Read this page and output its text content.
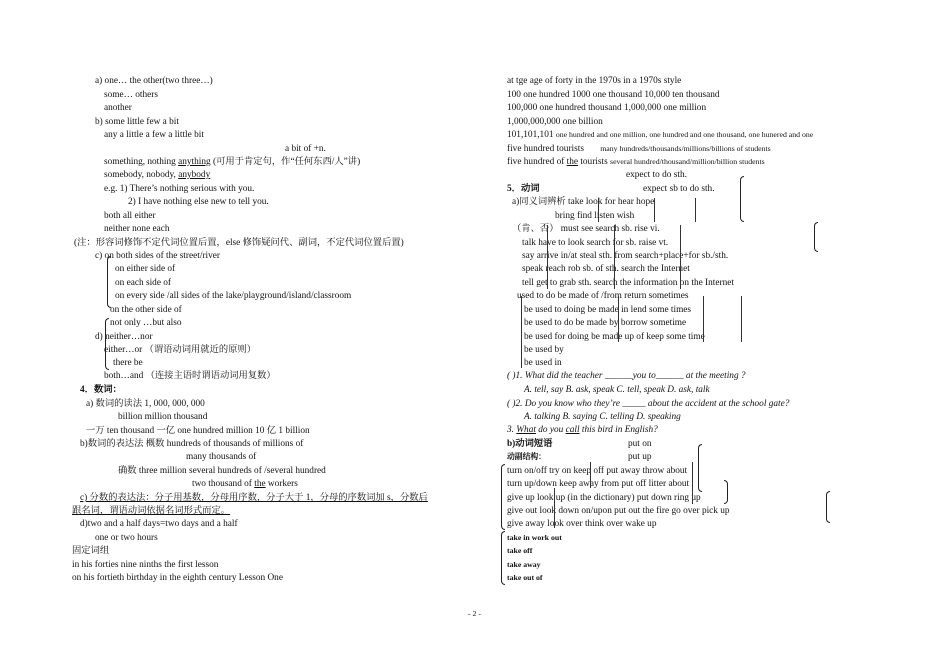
a) one… the other(two three…)
some… others
another
b) some little few a bit
any a little a few a little bit
a bit of +n.
something, nothing anything (可用于肯定句，作“任何东西/人”讲)
somebody, nobody, anybody
e.g. 1) There’s nothing serious with you.
2) I have nothing else new to tell you.
both all either
neither none each
(注：形容词修饰不定代词位置后置，else 修饰疑问代、副词，不定代词位置后置)
c) on both sides of the street/river
on either side of
on each side of
on every side /all sides of the lake/playground/island/classroom
on the other side of
not only …but also
d) neither…nor
either…or （谓语动词用就近的原则）
there be
both…and （连接主语时谓语动词用复数）
4．数词：
a) 数词的读法 1, 000, 000, 000
billion million thousand
一万 ten thousand 一亿 one hundred million 10 亿 1 billion
b)数词的表达法 概数 hundreds of thousands of millions of
many thousands of
确数 three million several hundreds of /several hundred
two thousand of the workers
c) 分数的表达法：分子用基数，分母用序数，分子大于 1，分母的序数词加 s，分数后
跟名词，谓语动词依据名词形式而定。
d)two and a half days=two days and a half
one or two hours
固定词组
in his forties nine ninths the first lesson
on his fortieth birthday in the eighth century Lesson One
at tge age of forty in the 1970s in a 1970s style
100 one hundred 1000 one thousand 10,000 ten thousand
100,000 one hundred thousand 1,000,000 one million
1,000,000,000 one billion
101,101,101 one hundred and one million, one hundred and one thousand, one hunered and one
five hundred tourists       many hundreds/thousands/millions/billions of students
five hundred of the tourists several hundred/thousand/million/billion students
expect to do sth.
5．动词	expect sb to do sth.
a)同义词辨析 take look for hear hope
bring find listen wish
（肯、否） must see search sb. rise vi.
talk have to look search for sb. raise vt.
say arrive in/at steal sth. from search+place+for sb./sth.
speak reach rob sb. of sth. search the Internet
tell get to grab sth. search the information on the Internet
used to do be made of /from return sometimes
be used to doing be made in lend some times
be used to do be made by borrow sometime
be used for doing be made up of keep some time
be used by
be used in
( )1. What did the teacher ______you to______ at the meeting ?
A. tell, say B. ask, speak C. tell, speak D. ask, talk
( )2. Do you know who they’re _____ about the accident at the school gate?
A. talking B. saying C. telling D. speaking
3. What do you call this bird in English?
b)动词短语	put on
动副结构：	put up
turn on/off try on keep off put away throw about
turn up/down keep away from put off litter about
give up look up (in the dictionary) put down ring up
give out look down on/upon put out the fire go over pick up
give away look over think over wake up
take in work out
take off
take away
take out of
- 2 -
